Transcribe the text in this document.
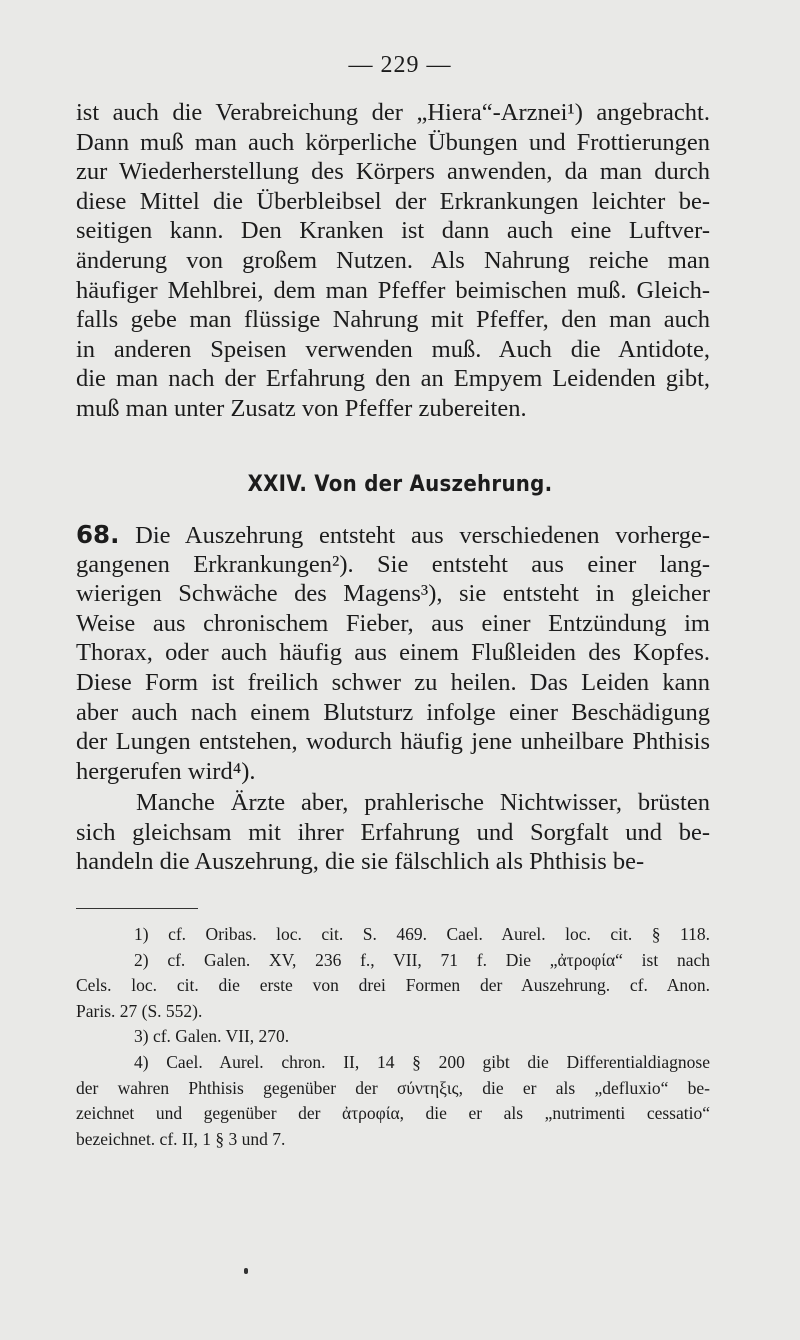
— 229 —
ist auch die Verabreichung der „Hiera“-Arznei¹) angebracht.
Dann muß man auch körperliche Übungen und Frottierungen
zur Wiederherstellung des Körpers anwenden, da man durch
diese Mittel die Überbleibsel der Erkrankungen leichter be-
seitigen kann. Den Kranken ist dann auch eine Luftver-
änderung von großem Nutzen. Als Nahrung reiche man
häufiger Mehlbrei, dem man Pfeffer beimischen muß. Gleich-
falls gebe man flüssige Nahrung mit Pfeffer, den man auch
in anderen Speisen verwenden muß. Auch die Antidote,
die man nach der Erfahrung den an Empyem Leidenden gibt,
muß man unter Zusatz von Pfeffer zubereiten.
XXIV. Von der Auszehrung.
68. Die Auszehrung entsteht aus verschiedenen vorherge-
gangenen Erkrankungen²). Sie entsteht aus einer lang-
wierigen Schwäche des Magens³), sie entsteht in gleicher
Weise aus chronischem Fieber, aus einer Entzündung im
Thorax, oder auch häufig aus einem Flußleiden des Kopfes.
Diese Form ist freilich schwer zu heilen. Das Leiden kann
aber auch nach einem Blutsturz infolge einer Beschädigung
der Lungen entstehen, wodurch häufig jene unheilbare Phthisis
hergerufen wird⁴).
Manche Ärzte aber, prahlerische Nichtwisser, brüsten
sich gleichsam mit ihrer Erfahrung und Sorgfalt und be-
handeln die Auszehrung, die sie fälschlich als Phthisis be-
1) cf. Oribas. loc. cit. S. 469. Cael. Aurel. loc. cit. § 118.
2) cf. Galen. XV, 236 f., VII, 71 f. Die „ἀτροφία“ ist nach
Cels. loc. cit. die erste von drei Formen der Auszehrung. cf. Anon.
Paris. 27 (S. 552).
3) cf. Galen. VII, 270.
4) Cael. Aurel. chron. II, 14 § 200 gibt die Differentialdiagnose
der wahren Phthisis gegenüber der σύντηξις, die er als „defluxio“ be-
zeichnet und gegenüber der ἀτροφία, die er als „nutrimenti cessatio“
bezeichnet. cf. II, 1 § 3 und 7.
